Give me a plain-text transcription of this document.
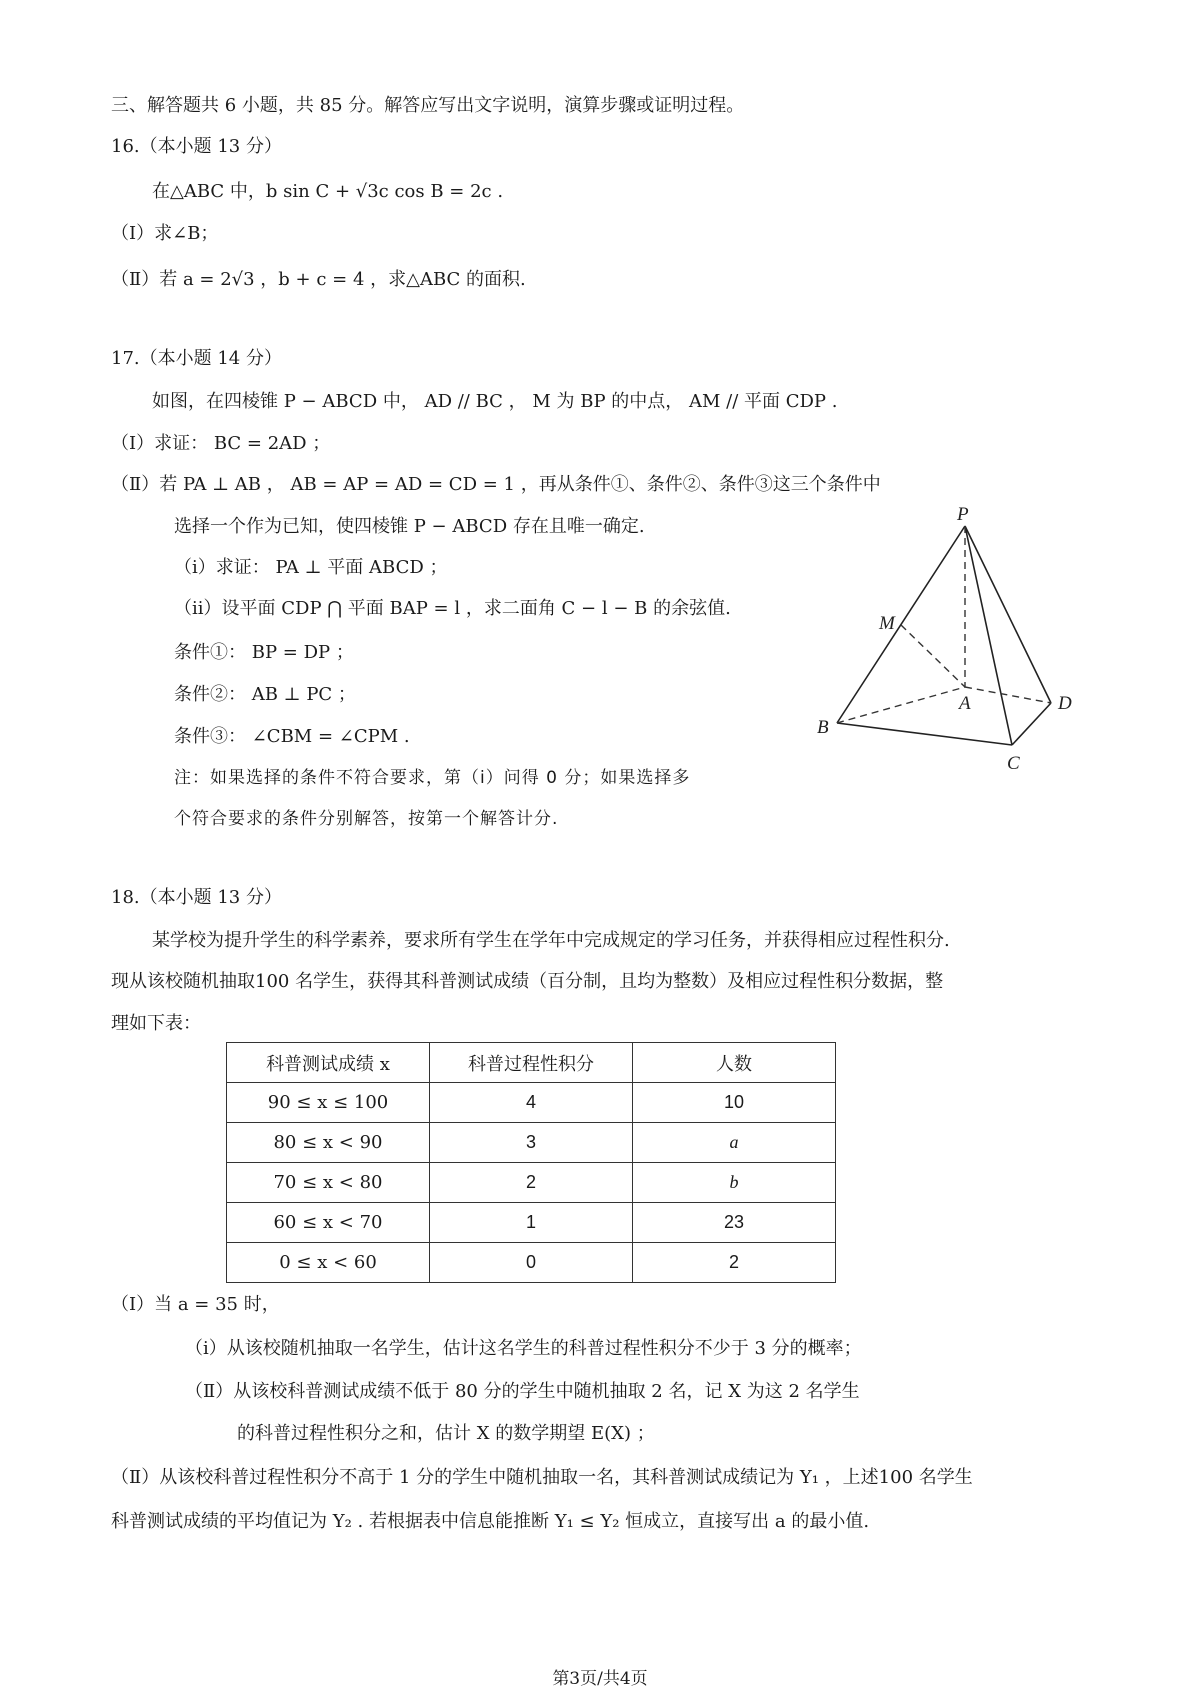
三、解答题共 6 小题，共 85 分。解答应写出文字说明，演算步骤或证明过程。
16.（本小题 13 分）
在△ABC 中，b sin C + √3c cos B = 2c .
（Ⅰ）求∠B；
（Ⅱ）若 a = 2√3 ，b + c = 4 ，求△ABC 的面积.
17.（本小题 14 分）
如图，在四棱锥 P − ABCD 中， AD // BC ， M 为 BP 的中点， AM // 平面 CDP .
（Ⅰ）求证： BC = 2AD ；
（Ⅱ）若 PA ⊥ AB ， AB = AP = AD = CD = 1 ，再从条件①、条件②、条件③这三个条件中
选择一个作为已知，使四棱锥 P − ABCD 存在且唯一确定.
（ⅰ）求证： PA ⊥ 平面 ABCD ；
（ⅱ）设平面 CDP ⋂ 平面 BAP = l ，求二面角 C − l − B 的余弦值.
条件①： BP = DP ；
条件②： AB ⊥ PC ；
条件③： ∠CBM = ∠CPM .
注：如果选择的条件不符合要求，第（ⅰ）问得 0 分；如果选择多
个符合要求的条件分别解答，按第一个解答计分.
P
M
A
B
C
D
18.（本小题 13 分）
某学校为提升学生的科学素养，要求所有学生在学年中完成规定的学习任务，并获得相应过程性积分.
现从该校随机抽取100 名学生，获得其科普测试成绩（百分制，且均为整数）及相应过程性积分数据，整
理如下表：
科普测试成绩 x	科普过程性积分	人数
90 ≤ x ≤ 100	4	10
80 ≤ x < 90	3	a
70 ≤ x < 80	2	b
60 ≤ x < 70	1	23
0 ≤ x < 60	0	2
（Ⅰ）当 a = 35 时，
（ⅰ）从该校随机抽取一名学生，估计这名学生的科普过程性积分不少于 3 分的概率；
（Ⅱ）从该校科普测试成绩不低于 80 分的学生中随机抽取 2 名，记 X 为这 2 名学生
的科普过程性积分之和，估计 X 的数学期望 E(X) ；
（Ⅱ）从该校科普过程性积分不高于 1 分的学生中随机抽取一名，其科普测试成绩记为 Y₁ ，上述100 名学生
科普测试成绩的平均值记为 Y₂ . 若根据表中信息能推断 Y₁ ≤ Y₂ 恒成立，直接写出 a 的最小值.
第3页/共4页
